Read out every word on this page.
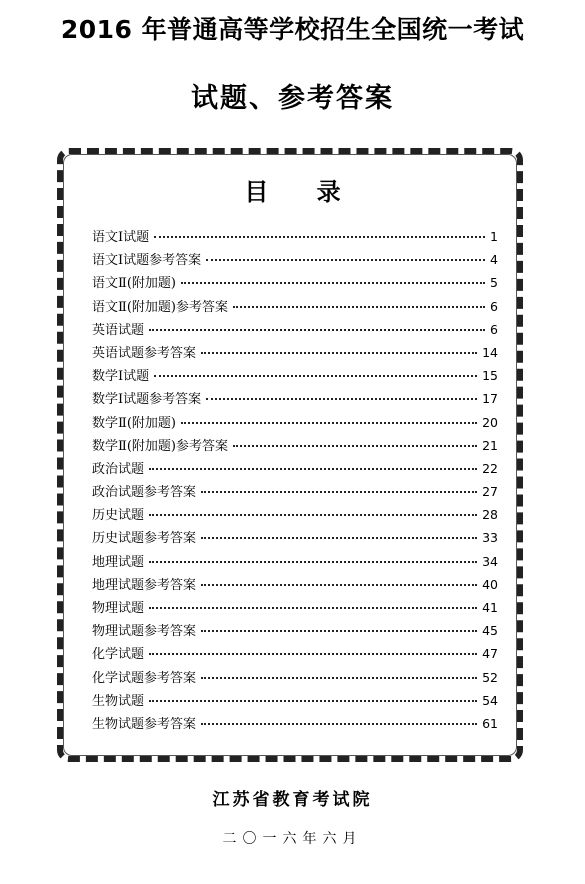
2016 年普通高等学校招生全国统一考试
试题、参考答案
目 录
语文Ⅰ试题	1
语文Ⅰ试题参考答案	4
语文Ⅱ(附加题)	5
语文Ⅱ(附加题)参考答案	6
英语试题	6
英语试题参考答案	14
数学Ⅰ试题	15
数学Ⅰ试题参考答案	17
数学Ⅱ(附加题)	20
数学Ⅱ(附加题)参考答案	21
政治试题	22
政治试题参考答案	27
历史试题	28
历史试题参考答案	33
地理试题	34
地理试题参考答案	40
物理试题	41
物理试题参考答案	45
化学试题	47
化学试题参考答案	52
生物试题	54
生物试题参考答案	61
江苏省教育考试院
二〇一六年六月
